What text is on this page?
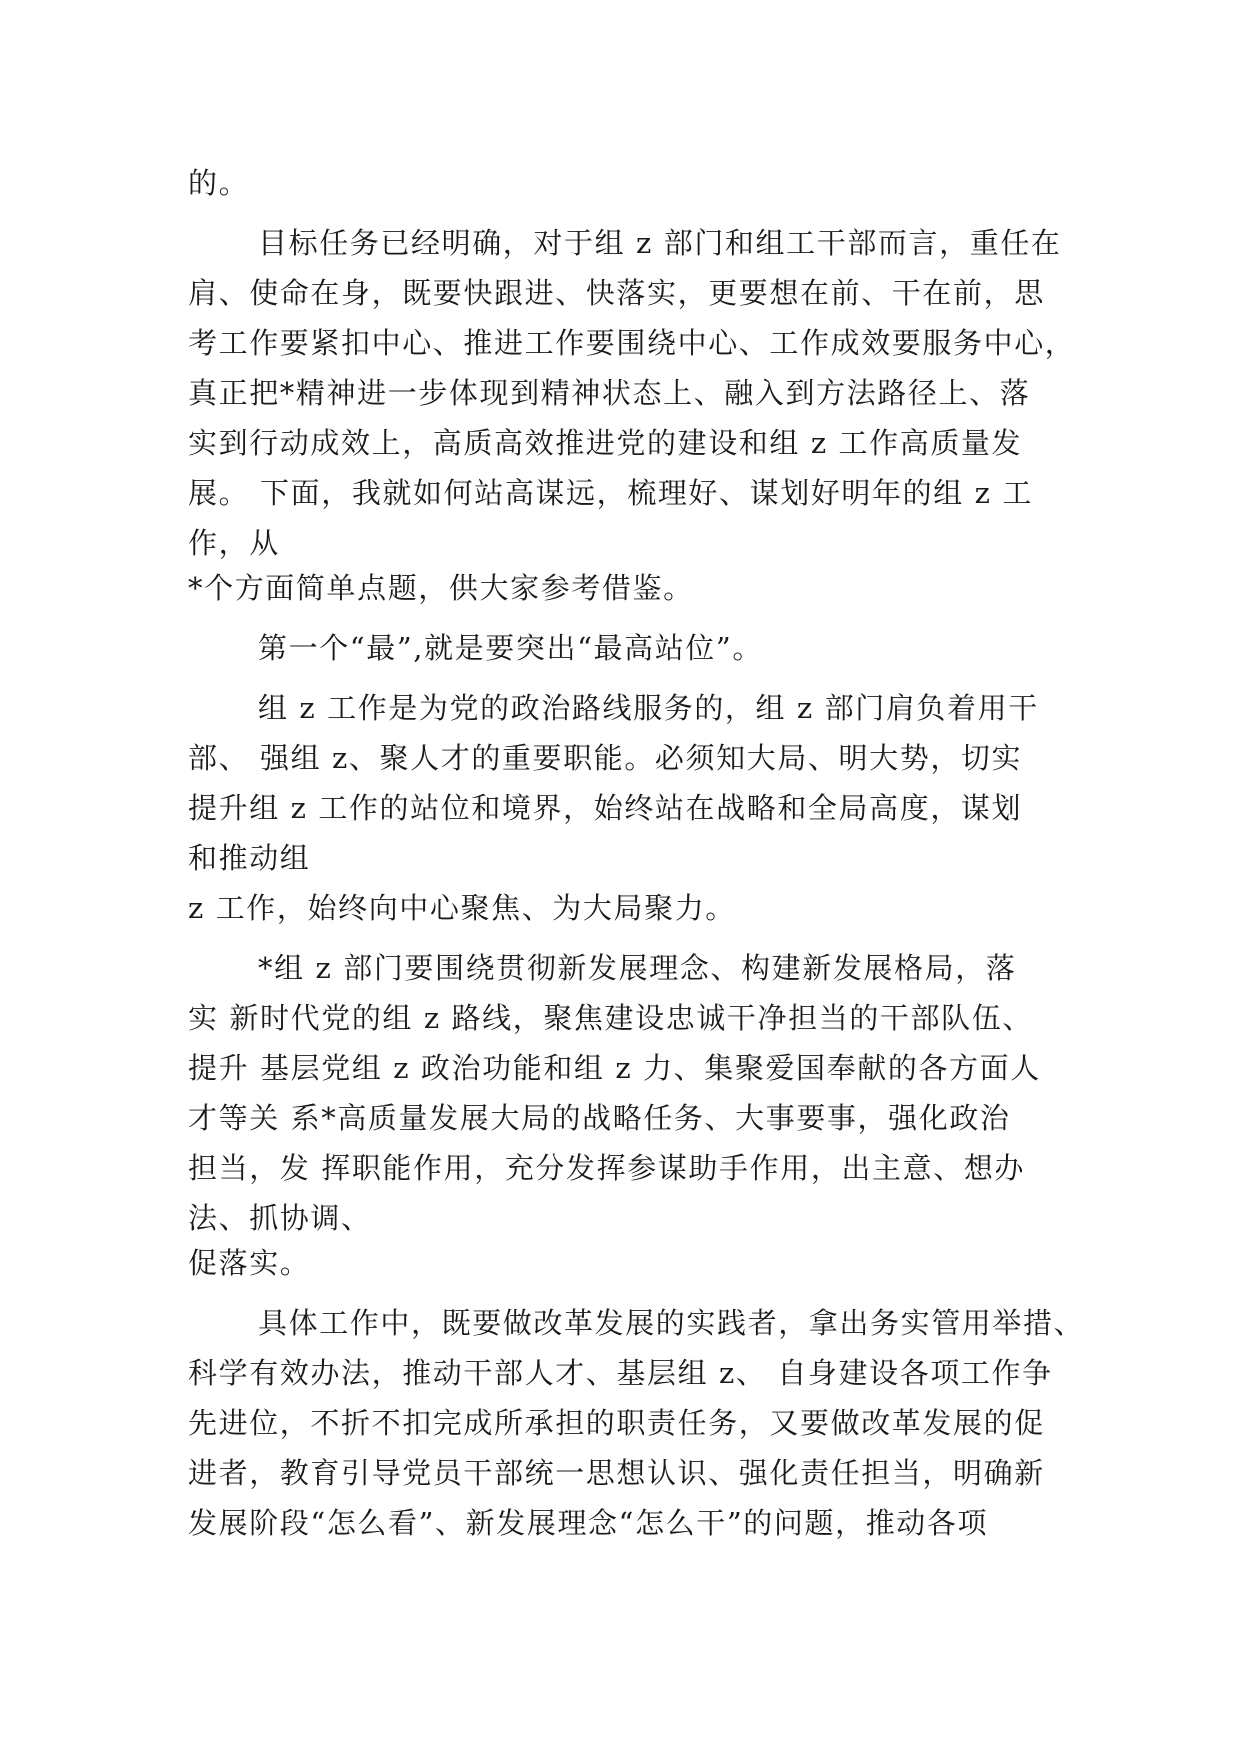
的。

目标任务已经明确，对于组 z 部门和组工干部而言，重任在

肩、使命在身，既要快跟进、快落实，更要想在前、干在前，思

考工作要紧扣中心、推进工作要围绕中心、工作成效要服务中心，

真正把*精神进一步体现到精神状态上、融入到方法路径上、落

实到行动成效上，高质高效推进党的建设和组 z 工作高质量发

展。 下面，我就如何站高谋远，梳理好、谋划好明年的组 z 工

作，从

*个方面简单点题，供大家参考借鉴。

第一个“最”,就是要突出“最高站位”。

组 z 工作是为党的政治路线服务的，组 z 部门肩负着用干

部、 强组 z、聚人才的重要职能。必须知大局、明大势，切实

提升组 z 工作的站位和境界，始终站在战略和全局高度，谋划

和推动组

z 工作，始终向中心聚焦、为大局聚力。

*组 z 部门要围绕贯彻新发展理念、构建新发展格局，落

实 新时代党的组 z 路线，聚焦建设忠诚干净担当的干部队伍、

提升 基层党组 z 政治功能和组 z 力、集聚爱国奉献的各方面人

才等关 系*高质量发展大局的战略任务、大事要事，强化政治

担当，发 挥职能作用，充分发挥参谋助手作用，出主意、想办

法、抓协调、

促落实。

具体工作中，既要做改革发展的实践者，拿出务实管用举措、

科学有效办法，推动干部人才、基层组 z、 自身建设各项工作争

先进位，不折不扣完成所承担的职责任务，又要做改革发展的促

进者，教育引导党员干部统一思想认识、强化责任担当，明确新

发展阶段“怎么看”、新发展理念“怎么干”的问题，推动各项
